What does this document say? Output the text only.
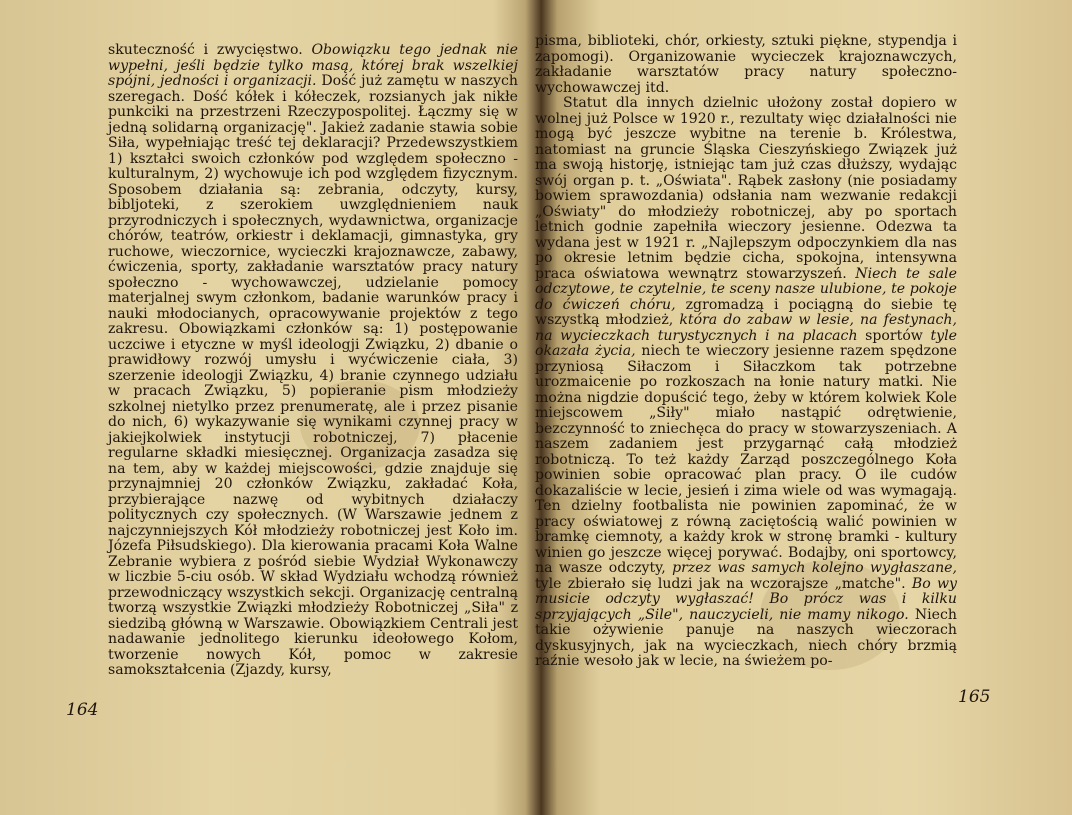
skuteczność i zwycięstwo. Obowiązku tego jednak nie wypełni, jeśli będzie tylko masą, której brak wszelkiej spójni, jedności i organizacji. Dość już zamętu w naszych szeregach. Dość kółek i kółeczek, rozsianych jak nikłe punkciki na przestrzeni Rzeczypospolitej. Łączmy się w jedną solidarną organizację". Jakież zadanie stawia sobie Siła, wypełniając treść tej deklaracji? Przedewszystkiem 1) kształci swoich członków pod względem społeczno - kulturalnym, 2) wychowuje ich pod względem fizycznym. Sposobem działania są: zebrania, odczyty, kursy, bibljoteki, z szerokiem uwzględnieniem nauk przyrodniczych i społecznych, wydawnictwa, organizacje chórów, teatrów, orkiestr i deklamacji, gimnastyka, gry ruchowe, wieczornice, wycieczki krajoznawcze, zabawy, ćwiczenia, sporty, zakładanie warsztatów pracy natury społeczno - wychowawczej, udzielanie pomocy materjalnej swym członkom, badanie warunków pracy i nauki młodocianych, opracowywanie projektów z tego zakresu. Obowiązkami członków są: 1) postępowanie uczciwe i etyczne w myśl ideologji Związku, 2) dbanie o prawidłowy rozwój umysłu i wyćwiczenie ciała, 3) szerzenie ideologji Związku, 4) branie czynnego udziału w pracach Związku, 5) popieranie pism młodzieży szkolnej nietylko przez prenumeratę, ale i przez pisanie do nich, 6) wykazywanie się wynikami czynnej pracy w jakiejkolwiek instytucji robotniczej, 7) płacenie regularne składki miesięcznej. Organizacja zasadza się na tem, aby w każdej miejscowości, gdzie znajduje się przynajmniej 20 członków Związku, zakładać Koła, przybierające nazwę od wybitnych działaczy politycznych czy społecznych. (W Warszawie jednem z najczynniejszych Kół młodzieży robotniczej jest Koło im. Józefa Piłsudskiego). Dla kierowania pracami Koła Walne Zebranie wybiera z pośród siebie Wydział Wykonawczy w liczbie 5-ciu osób. W skład Wydziału wchodzą również przewodniczący wszystkich sekcji. Organizację centralną tworzą wszystkie Związki młodzieży Robotniczej „Siła" z siedzibą główną w Warszawie. Obowiązkiem Centrali jest nadawanie jednolitego kierunku ideołowego Kołom, tworzenie nowych Kół, pomoc w zakresie samokształcenia (Zjazdy, kursy,

164

pisma, biblioteki, chór, orkiesty, sztuki piękne, stypendja i zapomogi). Organizowanie wycieczek krajoznawczych, zakładanie warsztatów pracy natury społeczno-wychowawczej itd.

Statut dla innych dzielnic ułożony został dopiero w wolnej już Polsce w 1920 r., rezultaty więc działalności nie mogą być jeszcze wybitne na terenie b. Królestwa, natomiast na gruncie Śląska Cieszyńskiego Związek już ma swoją historję, istniejąc tam już czas dłuższy, wydając swój organ p. t. „Oświata". Rąbek zasłony (nie posiadamy bowiem sprawozdania) odsłania nam wezwanie redakcji „Oświaty" do młodzieży robotniczej, aby po sportach letnich godnie zapełniła wieczory jesienne. Odezwa ta wydana jest w 1921 r. „Najlepszym odpoczynkiem dla nas po okresie letnim będzie cicha, spokojna, intensywna praca oświatowa wewnątrz stowarzyszeń. Niech te sale odczytowe, te czytelnie, te sceny nasze ulubione, te pokoje do ćwiczeń chóru, zgromadzą i pociągną do siebie tę wszystką młodzież, która do zabaw w lesie, na festynach, na wycieczkach turystycznych i na placach sportów tyle okazała życia, niech te wieczory jesienne razem spędzone przyniosą Siłaczom i Siłaczkom tak potrzebne urozmaicenie po rozkoszach na łonie natury matki. Nie można nigdzie dopuścić tego, żeby w którem kolwiek Kole miejscowem „Siły" miało nastąpić odrętwienie, bezczynność to zniechęca do pracy w stowarzyszeniach. A naszem zadaniem jest przygarnąć całą młodzież robotniczą. To też każdy Zarząd poszczególnego Koła powinien sobie opracować plan pracy. O ile cudów dokazaliście w lecie, jesień i zima wiele od was wymagają. Ten dzielny footbalista nie powinien zapominać, że w pracy oświatowej z równą zaciętością walić powinien w bramkę ciemnoty, a każdy krok w stronę bramki - kultury winien go jeszcze więcej porywać. Bodajby, oni sportowcy, na wasze odczyty, przez was samych kolejno wygłaszane, tyle zbierało się ludzi jak na wczorajsze „matche". Bo wy musicie odczyty wygłaszać! Bo prócz was i kilku sprzyjających „Sile", nauczycieli, nie mamy nikogo. Niech takie ożywienie panuje na naszych wieczorach dyskusyjnych, jak na wycieczkach, niech chóry brzmią raźnie wesoło jak w lecie, na świeżem po-

165
